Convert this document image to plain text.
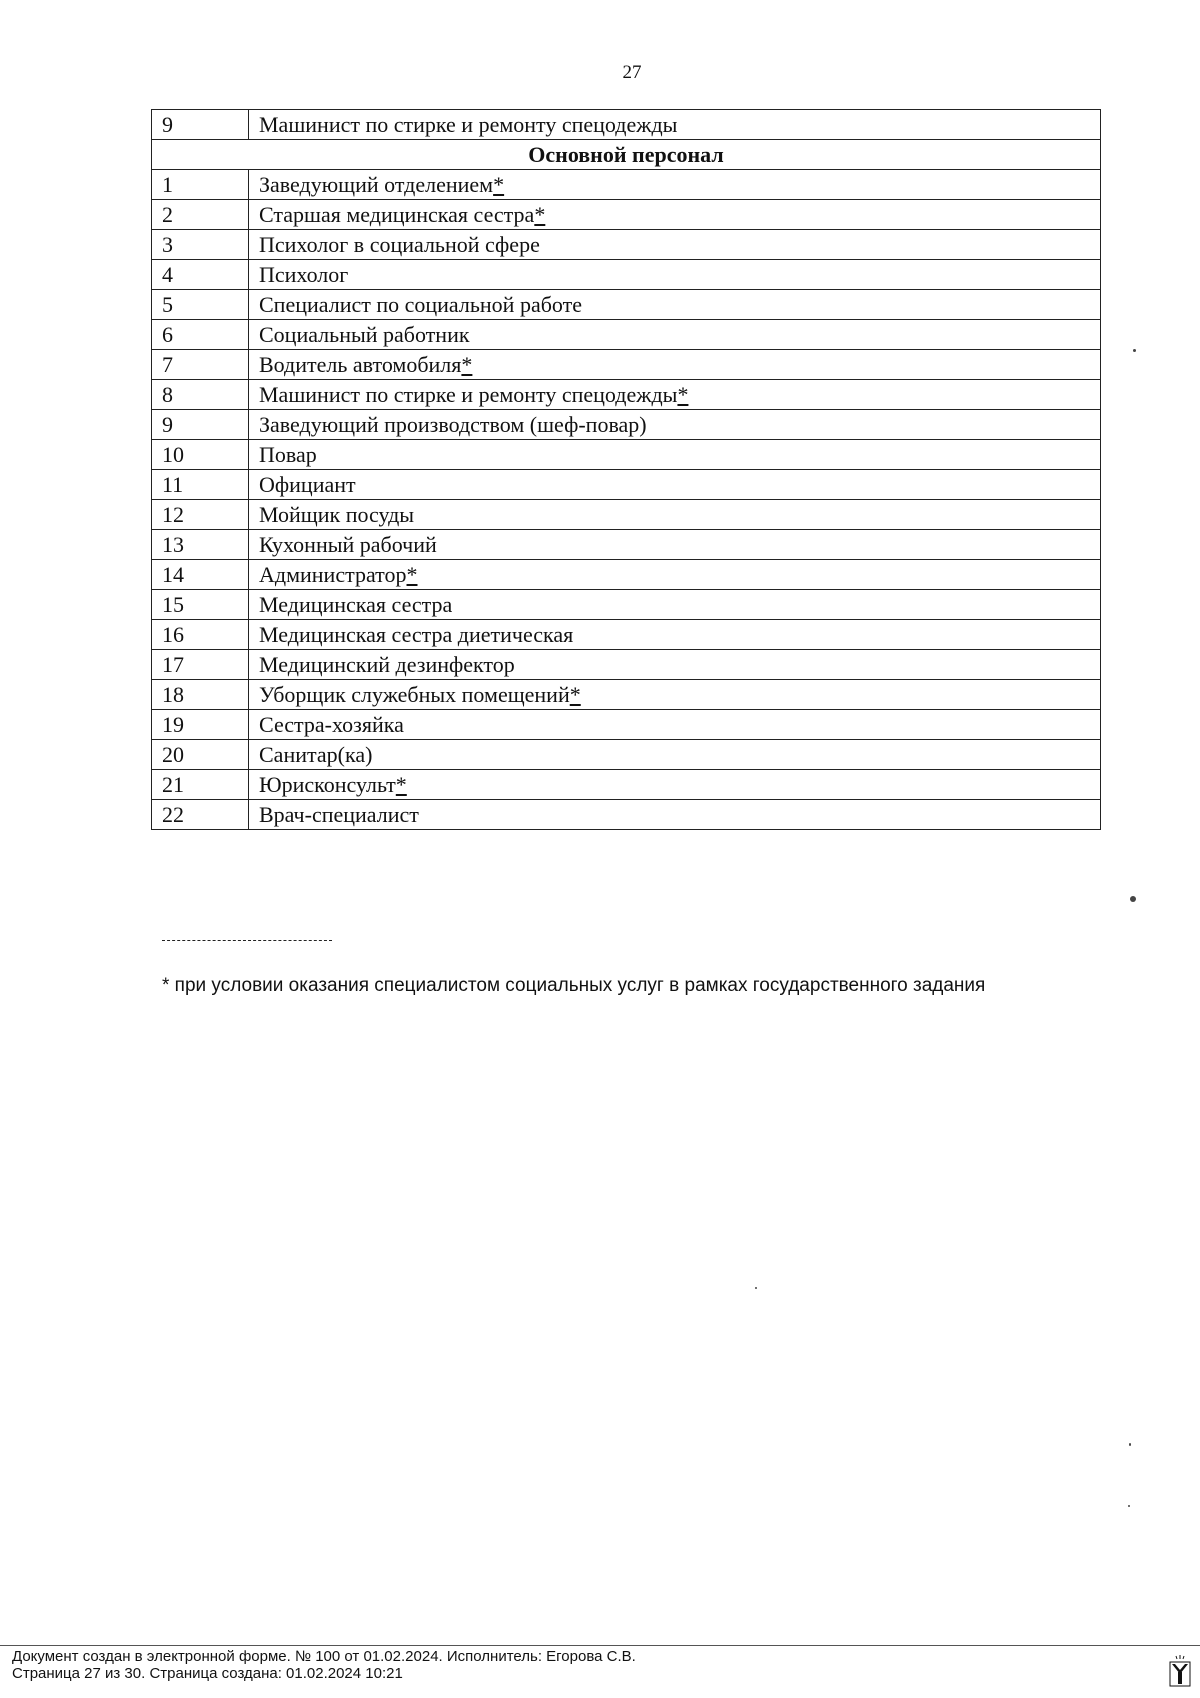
27
9	Машинист по стирке и ремонту спецодежды
Основной персонал	
1	Заведующий отделением*
2	Старшая медицинская сестра*
3	Психолог в социальной сфере
4	Психолог
5	Специалист по социальной работе
6	Социальный работник
7	Водитель автомобиля*
8	Машинист по стирке и ремонту спецодежды*
9	Заведующий производством (шеф-повар)
10	Повар
11	Официант
12	Мойщик посуды
13	Кухонный рабочий
14	Администратор*
15	Медицинская сестра
16	Медицинская сестра диетическая
17	Медицинский дезинфектор
18	Уборщик служебных помещений*
19	Сестра-хозяйка
20	Санитар(ка)
21	Юрисконсульт*
22	Врач-специалист
* при условии оказания специалистом социальных услуг в рамках государственного задания
Документ создан в электронной форме. № 100 от 01.02.2024. Исполнитель: Егорова С.В.
Страница 27 из 30. Страница создана: 01.02.2024 10:21
